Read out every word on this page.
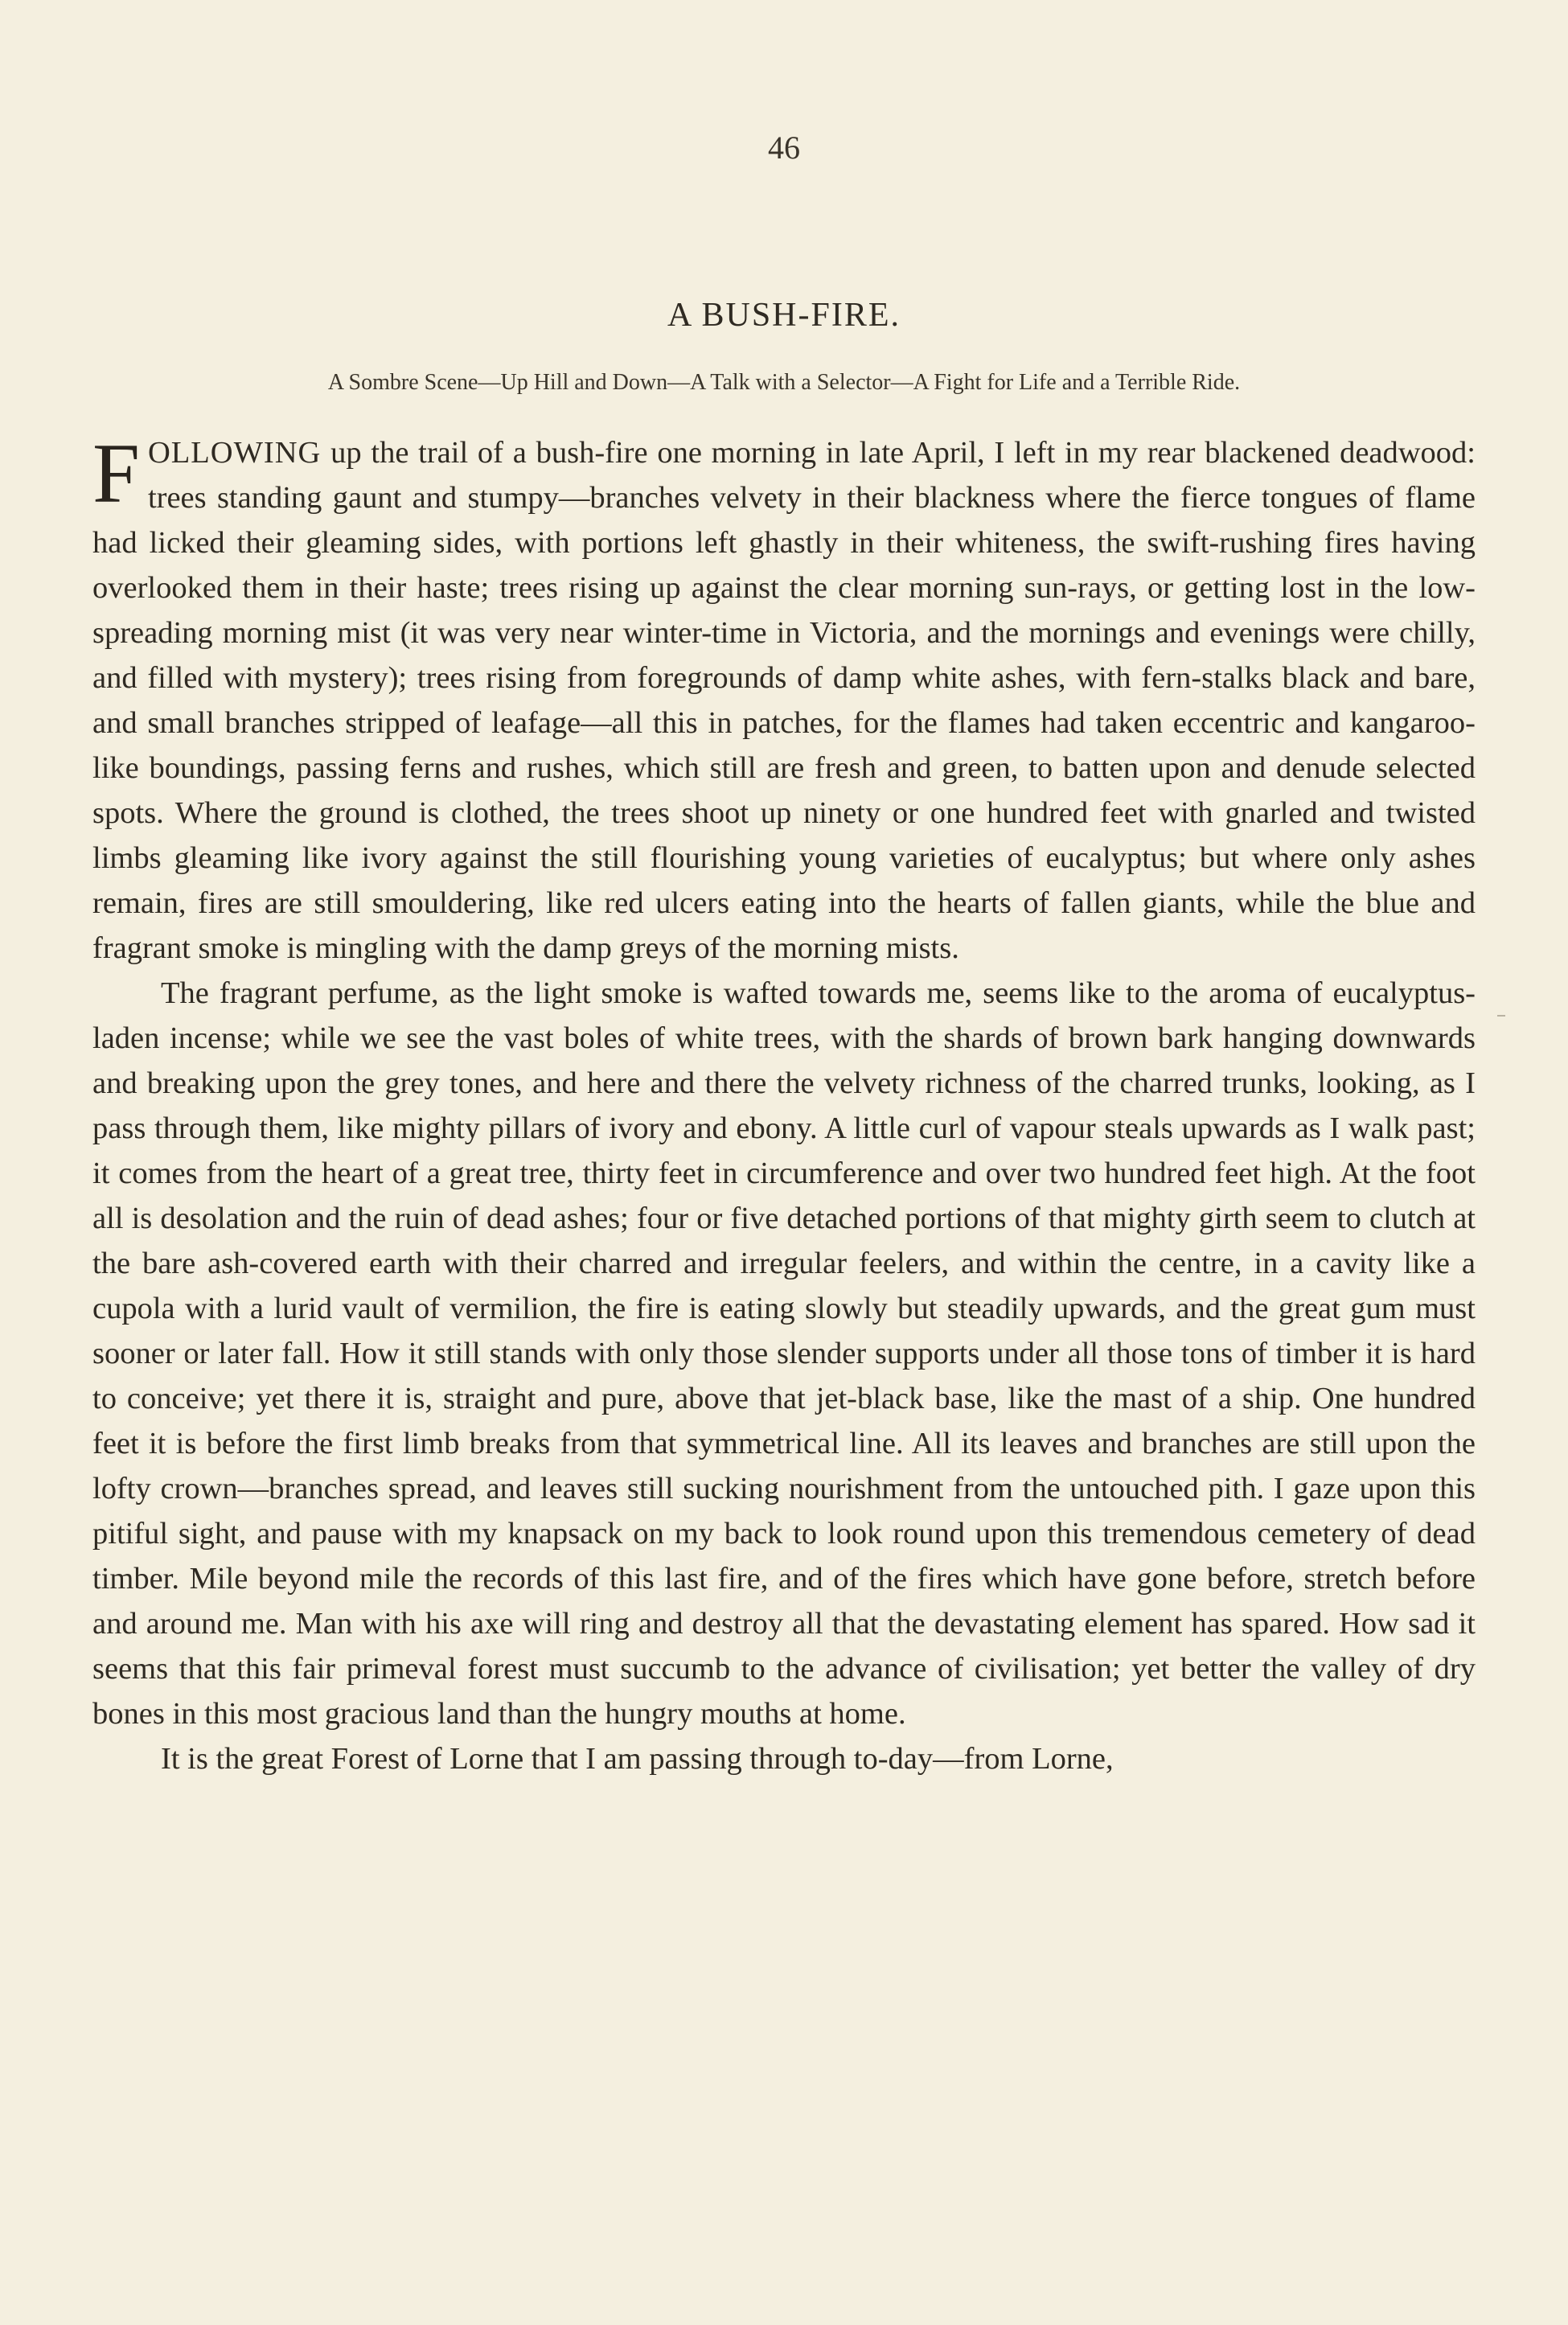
46
A BUSH-FIRE.
A Sombre Scene—Up Hill and Down—A Talk with a Selector—A Fight for Life and a Terrible Ride.

FOLLOWING up the trail of a bush-fire one morning in late April, I left in my rear blackened deadwood: trees standing gaunt and stumpy—branches velvety in their blackness where the fierce tongues of flame had licked their gleaming sides, with portions left ghastly in their whiteness, the swift-rushing fires having overlooked them in their haste; trees rising up against the clear morning sun-rays, or getting lost in the low-spreading morning mist (it was very near winter-time in Victoria, and the mornings and evenings were chilly, and filled with mystery); trees rising from foregrounds of damp white ashes, with fern-stalks black and bare, and small branches stripped of leafage—all this in patches, for the flames had taken eccentric and kangaroo-like boundings, passing ferns and rushes, which still are fresh and green, to batten upon and denude selected spots. Where the ground is clothed, the trees shoot up ninety or one hundred feet with gnarled and twisted limbs gleaming like ivory against the still flourishing young varieties of eucalyptus; but where only ashes remain, fires are still smouldering, like red ulcers eating into the hearts of fallen giants, while the blue and fragrant smoke is mingling with the damp greys of the morning mists.

The fragrant perfume, as the light smoke is wafted towards me, seems like to the aroma of eucalyptus-laden incense; while we see the vast boles of white trees, with the shards of brown bark hanging downwards and breaking upon the grey tones, and here and there the velvety richness of the charred trunks, looking, as I pass through them, like mighty pillars of ivory and ebony. A little curl of vapour steals upwards as I walk past; it comes from the heart of a great tree, thirty feet in circumference and over two hundred feet high. At the foot all is desolation and the ruin of dead ashes; four or five detached portions of that mighty girth seem to clutch at the bare ash-covered earth with their charred and irregular feelers, and within the centre, in a cavity like a cupola with a lurid vault of vermilion, the fire is eating slowly but steadily upwards, and the great gum must sooner or later fall. How it still stands with only those slender supports under all those tons of timber it is hard to conceive; yet there it is, straight and pure, above that jet-black base, like the mast of a ship. One hundred feet it is before the first limb breaks from that symmetrical line. All its leaves and branches are still upon the lofty crown—branches spread, and leaves still sucking nourishment from the untouched pith. I gaze upon this pitiful sight, and pause with my knapsack on my back to look round upon this tremendous cemetery of dead timber. Mile beyond mile the records of this last fire, and of the fires which have gone before, stretch before and around me. Man with his axe will ring and destroy all that the devastating element has spared. How sad it seems that this fair primeval forest must succumb to the advance of civilisation; yet better the valley of dry bones in this most gracious land than the hungry mouths at home.

It is the great Forest of Lorne that I am passing through to-day—from Lorne,
